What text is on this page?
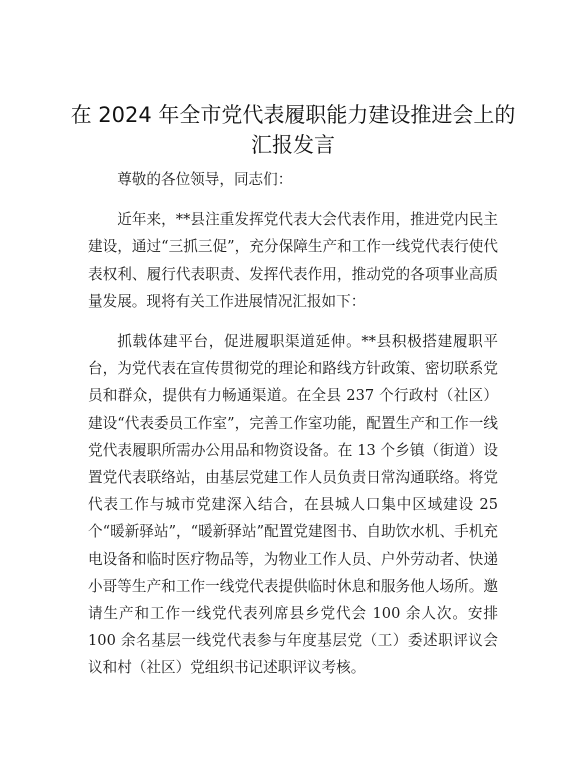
在 2024 年全市党代表履职能力建设推进会上的
汇报发言

尊敬的各位领导，同志们：

近年来，**县注重发挥党代表大会代表作用，推进党内民主建设，通过“三抓三促”，充分保障生产和工作一线党代表行使代表权利、履行代表职责、发挥代表作用，推动党的各项事业高质量发展。现将有关工作进展情况汇报如下：

抓载体建平台，促进履职渠道延伸。**县积极搭建履职平台，为党代表在宣传贯彻党的理论和路线方针政策、密切联系党员和群众，提供有力畅通渠道。在全县 237 个行政村（社区）建设“代表委员工作室”，完善工作室功能，配置生产和工作一线党代表履职所需办公用品和物资设备。在 13 个乡镇（街道）设置党代表联络站，由基层党建工作人员负责日常沟通联络。将党代表工作与城市党建深入结合，在县城人口集中区域建设 25 个“暖新驿站”，“暖新驿站”配置党建图书、自助饮水机、手机充电设备和临时医疗物品等，为物业工作人员、户外劳动者、快递小哥等生产和工作一线党代表提供临时休息和服务他人场所。邀请生产和工作一线党代表列席县乡党代会 100 余人次。安排 100 余名基层一线党代表参与年度基层党（工）委述职评议会议和村（社区）党组织书记述职评议考核。
